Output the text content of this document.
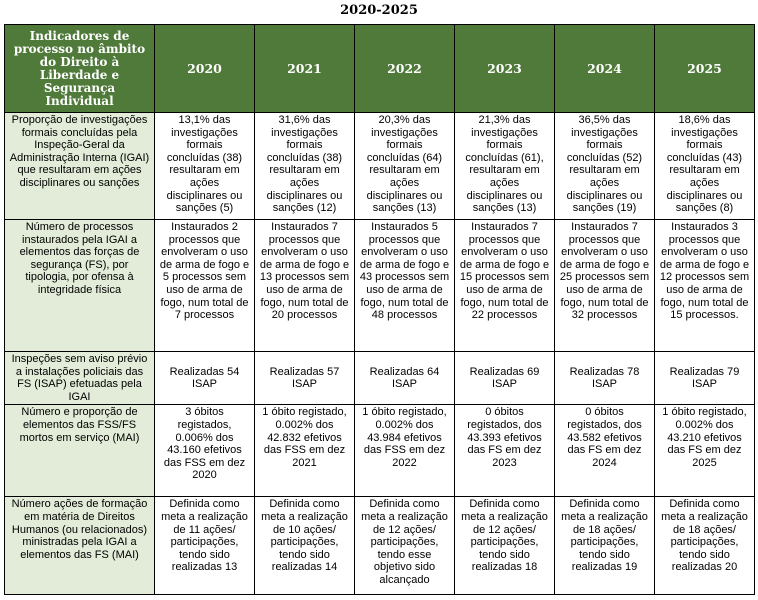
2020-2025
Indicadores de processo no âmbito do Direito à Liberdade e Segurança Individual	2020	2021	2022	2023	2024	2025
Proporção de investigações formais concluídas pela Inspeção-Geral da Administração Interna (IGAI) que resultaram em ações disciplinares ou sanções	13,1% das investigações formais concluídas (38) resultaram em ações disciplinares ou sanções (5)	31,6% das investigações formais concluídas (38) resultaram em ações disciplinares ou sanções (12)	20,3% das investigações formais concluídas (64) resultaram em ações disciplinares ou sanções (13)	21,3% das investigações formais concluídas (61), resultaram em ações disciplinares ou sanções (13)	36,5% das investigações formais concluídas (52) resultaram em ações disciplinares ou sanções (19)	18,6% das investigações formais concluídas (43) resultaram em ações disciplinares ou sanções (8)
Número de processos instaurados pela IGAI a elementos das forças de segurança (FS), por tipologia, por ofensa à integridade física	Instaurados 2 processos que envolveram o uso de arma de fogo e 5 processos sem uso de arma de fogo, num total de 7 processos	Instaurados 7 processos que envolveram o uso de arma de fogo e 13 processos sem uso de arma de fogo, num total de 20 processos	Instaurados 5 processos que envolveram o uso de arma de fogo e 43 processos sem uso de arma de fogo, num total de 48 processos	Instaurados 7 processos que envolveram o uso de arma de fogo e 15 processos sem uso de arma de fogo, num total de 22 processos	Instaurados 7 processos que envolveram o uso de arma de fogo e 25 processos sem uso de arma de fogo, num total de 32 processos	Instaurados 3 processos que envolveram o uso de arma de fogo e 12 processos sem uso de arma de fogo, num total de 15 processos.
Inspeções sem aviso prévio a instalações policiais das FS (ISAP) efetuadas pela IGAI	Realizadas 54 ISAP	Realizadas 57 ISAP	Realizadas 64 ISAP	Realizadas 69 ISAP	Realizadas 78 ISAP	Realizadas 79 ISAP
Número e proporção de elementos das FSS/FS mortos em serviço (MAI)	3 óbitos registados, 0.006% dos 43.160 efetivos das FSS em dez 2020	1 óbito registado, 0.002% dos 42.832 efetivos das FSS em dez 2021	1 óbito registado, 0.002% dos 43.984 efetivos das FSS em dez 2022	0 óbitos registados, dos 43.393 efetivos das FS em dez 2023	0 óbitos registados, dos 43.582 efetivos das FS em dez 2024	1 óbito registado, 0.002% dos 43.210 efetivos das FS em dez 2025
Número ações de formação em matéria de Direitos Humanos (ou relacionados) ministradas pela IGAI a elementos das FS (MAI)	Definida como meta a realização de 11 ações/ participações, tendo sido realizadas 13	Definida como meta a realização de 10 ações/ participações, tendo sido realizadas 14	Definida como meta a realização de 12 ações/ participações, tendo esse objetivo sido alcançado	Definida como meta a realização de 12 ações/ participações, tendo sido realizadas 18	Definida como meta a realização de 18 ações/ participações, tendo sido realizadas 19	Definida como meta a realização de 18 ações/ participações, tendo sido realizadas 20
